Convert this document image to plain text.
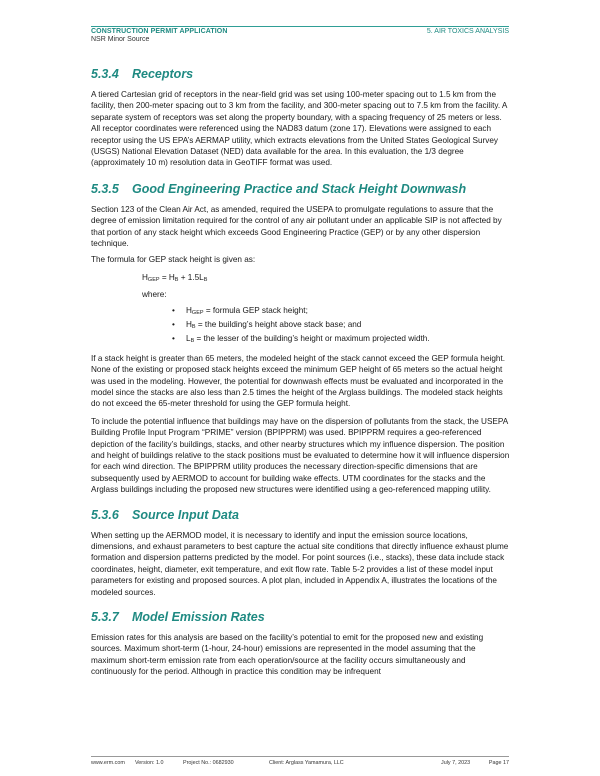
CONSTRUCTION PERMIT APPLICATION
NSR Minor Source
5. AIR TOXICS ANALYSIS
5.3.4	Receptors

A tiered Cartesian grid of receptors in the near-field grid was set using 100-meter spacing out to 1.5 km from the facility, then 200-meter spacing out to 3 km from the facility, and 300-meter spacing out to 7.5 km from the facility. A separate system of receptors was set along the property boundary, with a spacing frequency of 25 meters or less. All receptor coordinates were referenced using the NAD83 datum (zone 17). Elevations were assigned to each receptor using the US EPA’s AERMAP utility, which extracts elevations from the United States Geological Survey (USGS) National Elevation Dataset (NED) data available for the area. In this evaluation, the 1/3 degree (approximately 10 m) resolution data in GeoTIFF format was used.

5.3.5	Good Engineering Practice and Stack Height Downwash

Section 123 of the Clean Air Act, as amended, required the USEPA to promulgate regulations to assure that the degree of emission limitation required for the control of any air pollutant under an applicable SIP is not affected by that portion of any stack height which exceeds Good Engineering Practice (GEP) or by any other dispersion technique.

The formula for GEP stack height is given as:

$H_{GEP} = H_B + 1.5L_B$
where:
• $H_{GEP}$ = formula GEP stack height;
• $H_B$ = the building’s height above stack base; and
• $L_B$ = the lesser of the building’s height or maximum projected width.

If a stack height is greater than 65 meters, the modeled height of the stack cannot exceed the GEP formula height. None of the existing or proposed stack heights exceed the minimum GEP height of 65 meters so the actual height was used in the modeling. However, the potential for downwash effects must be evaluated and incorporated in the model since the stacks are also less than 2.5 times the height of the Arglass buildings. The modeled stack heights do not exceed the 65-meter threshold for using the GEP formula height.

To include the potential influence that buildings may have on the dispersion of pollutants from the stack, the USEPA Building Profile Input Program “PRIME” version (BPIPPRM) was used. BPIPPRM requires a geo-referenced depiction of the facility’s buildings, stacks, and other nearby structures which my influence dispersion. The position and height of buildings relative to the stack positions must be evaluated to determine how it will influence dispersion for each wind direction. The BPIPPRM utility produces the necessary direction-specific dimensions that are subsequently used by AERMOD to account for building wake effects. UTM coordinates for the stacks and the Arglass buildings including the proposed new structures were identified using a geo-referenced mapping utility.

5.3.6	Source Input Data

When setting up the AERMOD model, it is necessary to identify and input the emission source locations, dimensions, and exhaust parameters to best capture the actual site conditions that directly influence exhaust plume formation and dispersion patterns predicted by the model. For point sources (i.e., stacks), these data include stack coordinates, height, diameter, exit temperature, and exit flow rate. Table 5-2 provides a list of these model input parameters for existing and proposed sources. A plot plan, included in Appendix A, illustrates the locations of the modeled sources.

5.3.7	Model Emission Rates

Emission rates for this analysis are based on the facility’s potential to emit for the proposed new and existing sources. Maximum short-term (1-hour, 24-hour) emissions are represented in the model assuming that the maximum short-term emission rate from each operation/source at the facility occurs simultaneously and continuously for the period. Although in practice this condition may be infrequent

www.erm.com Version: 1.0	Project No.: 0682930	Client: Arglass Yamamura, LLC	July 7, 2023	Page 17
